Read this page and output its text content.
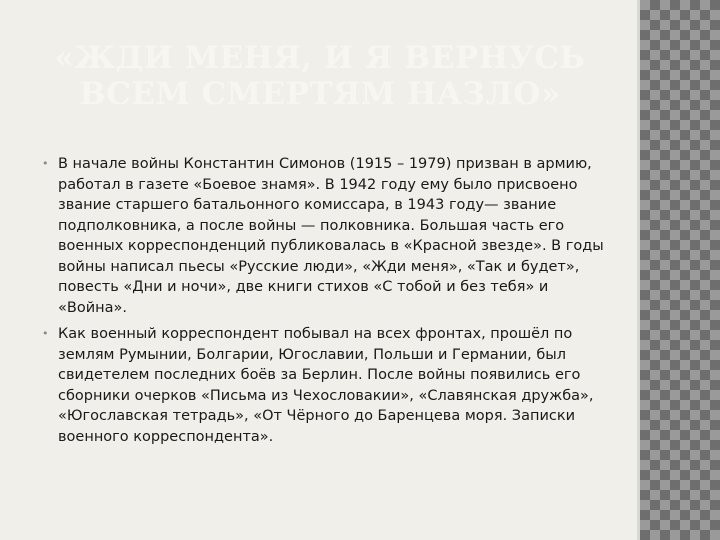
«ЖДИ МЕНЯ, И Я ВЕРНУСЬ ВСЕМ СМЕРТЯМ НАЗЛО»
• В начале войны Константин Симонов (1915 – 1979) призван в армию, работал в газете «Боевое знамя». В 1942 году ему было присвоено звание старшего батальонного комиссара, в 1943 году— звание подполковника, а после войны — полковника. Большая часть его военных корреспонденций публиковалась в «Красной звезде». В годы войны написал пьесы «Русские люди», «Жди меня», «Так и будет», повесть «Дни и ночи», две книги стихов «С тобой и без тебя» и «Война».
• Как военный корреспондент побывал на всех фронтах, прошёл по землям Румынии, Болгарии, Югославии, Польши и Германии, был свидетелем последних боёв за Берлин. После войны появились его сборники очерков «Письма из Чехословакии», «Славянская дружба», «Югославская тетрадь», «От Чёрного до Баренцева моря. Записки военного корреспондента».
